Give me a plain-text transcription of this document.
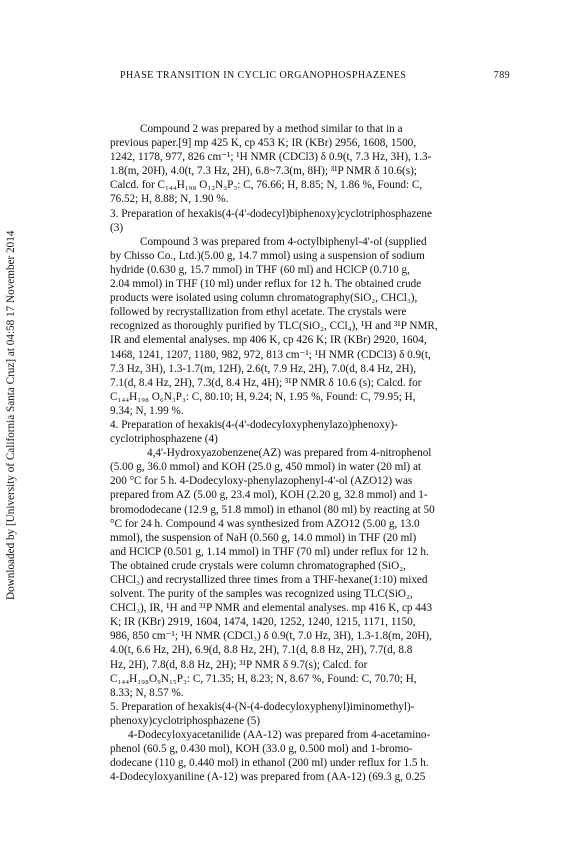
PHASE TRANSITION IN CYCLIC ORGANOPHOSPHAZENES	789
Downloaded by [University of California Santa Cruz] at 04:58 17 November 2014
Compound 2 was prepared by a method similar to that in a
previous paper.[9] mp 425 K, cp 453 K; IR (KBr) 2956, 1608, 1500,
1242, 1178, 977, 826 cm⁻¹; ¹H NMR (CDCl3) δ 0.9(t, 7.3 Hz, 3H), 1.3-
1.8(m, 20H), 4.0(t, 7.3 Hz, 2H), 6.8~7.3(m, 8H); ³¹P NMR δ 10.6(s);
Calcd. for C₁₄₄H₁₉₈ O₁₂N₃P₃: C, 76.66; H, 8.85; N, 1.86 %, Found: C,
76.52; H, 8.88; N, 1.90 %.
3. Preparation of hexakis(4-(4'-dodecyl)biphenoxy)cyclotriphosphazene
(3)
Compound 3 was prepared from 4-octylbiphenyl-4'-ol (supplied
by Chisso Co., Ltd.)(5.00 g, 14.7 mmol) using a suspension of sodium
hydride (0.630 g, 15.7 mmol) in THF (60 ml) and HClCP (0.710 g,
2.04 mmol) in THF (10 ml) under reflux for 12 h. The obtained crude
products were isolated using column chromatography(SiO₂, CHCl₃),
followed by recrystallization from ethyl acetate. The crystals were
recognized as thoroughly purified by TLC(SiO₂, CCl₄), ¹H and ³¹P NMR,
IR and elemental analyses. mp 406 K, cp 426 K; IR (KBr) 2920, 1604,
1468, 1241, 1207, 1180, 982, 972, 813 cm⁻¹; ¹H NMR (CDCl3) δ 0.9(t,
7.3 Hz, 3H), 1.3-1.7(m, 12H), 2.6(t, 7.9 Hz, 2H), 7.0(d, 8.4 Hz, 2H),
7.1(d, 8.4 Hz, 2H), 7.3(d, 8.4 Hz, 4H); ³¹P NMR δ 10.6 (s); Calcd. for
C₁₄₄H₁₉₈ O₆N₃P₃: C, 80.10; H, 9.24; N, 1.95 %, Found: C, 79.95; H,
9.34; N, 1.99 %.
4. Preparation of hexakis(4-(4'-dodecyloxyphenylazo)phenoxy)-
cyclotriphosphazene (4)
4,4'-Hydroxyazobenzene(AZ) was prepared from 4-nitrophenol
(5.00 g, 36.0 mmol) and KOH (25.0 g, 450 mmol) in water (20 ml) at
200 °C for 5 h. 4-Dodecyloxy-phenylazophenyl-4'-ol (AZO12) was
prepared from AZ (5.00 g, 23.4 mol), KOH (2.20 g, 32.8 mmol) and 1-
bromododecane (12.9 g, 51.8 mmol) in ethanol (80 ml) by reacting at 50
°C for 24 h. Compound 4 was synthesized from AZO12 (5.00 g, 13.0
mmol), the suspension of NaH (0.560 g, 14.0 mmol) in THF (20 ml)
and HClCP (0.501 g, 1.14 mmol) in THF (70 ml) under reflux for 12 h.
The obtained crude crystals were column chromatographed (SiO₂,
CHCl₃) and recrystallized three times from a THF-hexane(1:10) mixed
solvent. The purity of the samples was recognized using TLC(SiO₂,
CHCl₃), IR, ¹H and ³¹P NMR and elemental analyses. mp 416 K, cp 443
K; IR (KBr) 2919, 1604, 1474, 1420, 1252, 1240, 1215, 1171, 1150,
986, 850 cm⁻¹; ¹H NMR (CDCl₃) δ 0.9(t, 7.0 Hz, 3H), 1.3-1.8(m, 20H),
4.0(t, 6.6 Hz, 2H), 6.9(d, 8.8 Hz, 2H), 7.1(d, 8.8 Hz, 2H), 7.7(d, 8.8
Hz, 2H), 7.8(d, 8.8 Hz, 2H); ³¹P NMR δ 9.7(s); Calcd. for
C₁₄₄H₁₉₈O₉N₁₅P₃: C, 71.35; H, 8.23; N, 8.67 %, Found: C, 70.70; H,
8.33; N, 8.57 %.
5. Preparation of hexakis(4-(N-(4-dodecyloxyphenyl)iminomethyl)-
phenoxy)cyclotriphosphazene (5)
4-Dodecyloxyacetanilide (AA-12) was prepared from 4-acetamino-
phenol (60.5 g, 0.430 mol), KOH (33.0 g, 0.500 mol) and 1-bromo-
dodecane (110 g, 0.440 mol) in ethanol (200 ml) under reflux for 1.5 h.
4-Dodecyloxyaniline (A-12) was prepared from (AA-12) (69.3 g, 0.25
